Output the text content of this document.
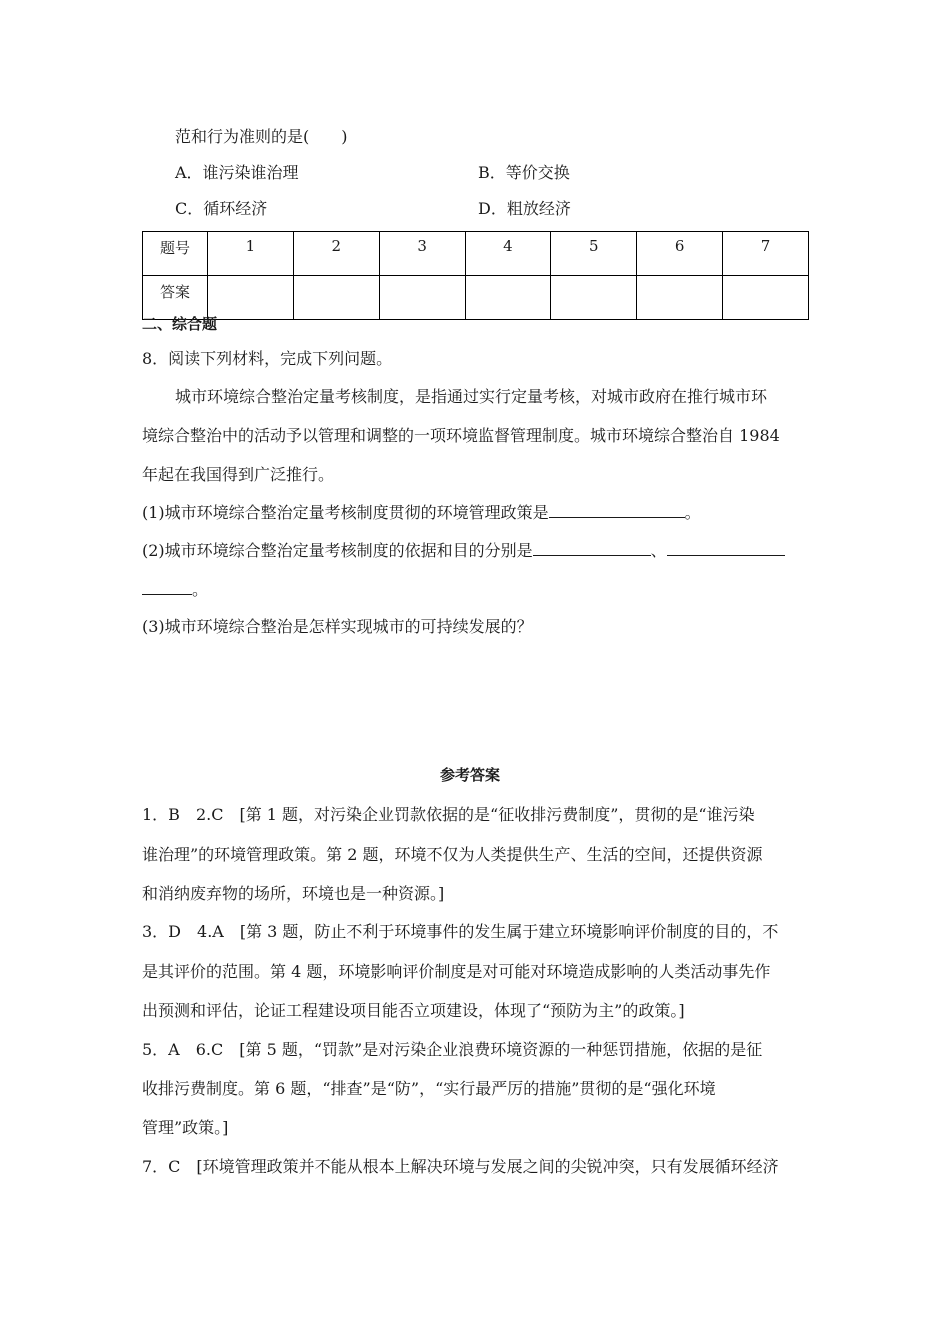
范和行为准则的是(　　)
A．谁污染谁治理	B．等价交换
C．循环经济	D．粗放经济
题号	1	2	3	4	5	6	7
答案							
二、综合题
8．阅读下列材料，完成下列问题。
城市环境综合整治定量考核制度，是指通过实行定量考核，对城市政府在推行城市环
境综合整治中的活动予以管理和调整的一项环境监督管理制度。城市环境综合整治自 1984
年起在我国得到广泛推行。
(1)城市环境综合整治定量考核制度贯彻的环境管理政策是	。
(2)城市环境综合整治定量考核制度的依据和目的分别是	、
。
(3)城市环境综合整治是怎样实现城市的可持续发展的？
参考答案
1．B　2.C　[第 1 题，对污染企业罚款依据的是“征收排污费制度”，贯彻的是“谁污染
谁治理”的环境管理政策。第 2 题，环境不仅为人类提供生产、生活的空间，还提供资源
和消纳废弃物的场所，环境也是一种资源。]
3．D　4.A　[第 3 题，防止不利于环境事件的发生属于建立环境影响评价制度的目的，不
是其评价的范围。第 4 题，环境影响评价制度是对可能对环境造成影响的人类活动事先作
出预测和评估，论证工程建设项目能否立项建设，体现了“预防为主”的政策。]
5．A　6.C　[第 5 题，“罚款”是对污染企业浪费环境资源的一种惩罚措施，依据的是征
收排污费制度。第 6 题，“排查”是“防”，“实行最严厉的措施”贯彻的是“强化环境
管理”政策。]
7．C　[环境管理政策并不能从根本上解决环境与发展之间的尖锐冲突，只有发展循环经济
